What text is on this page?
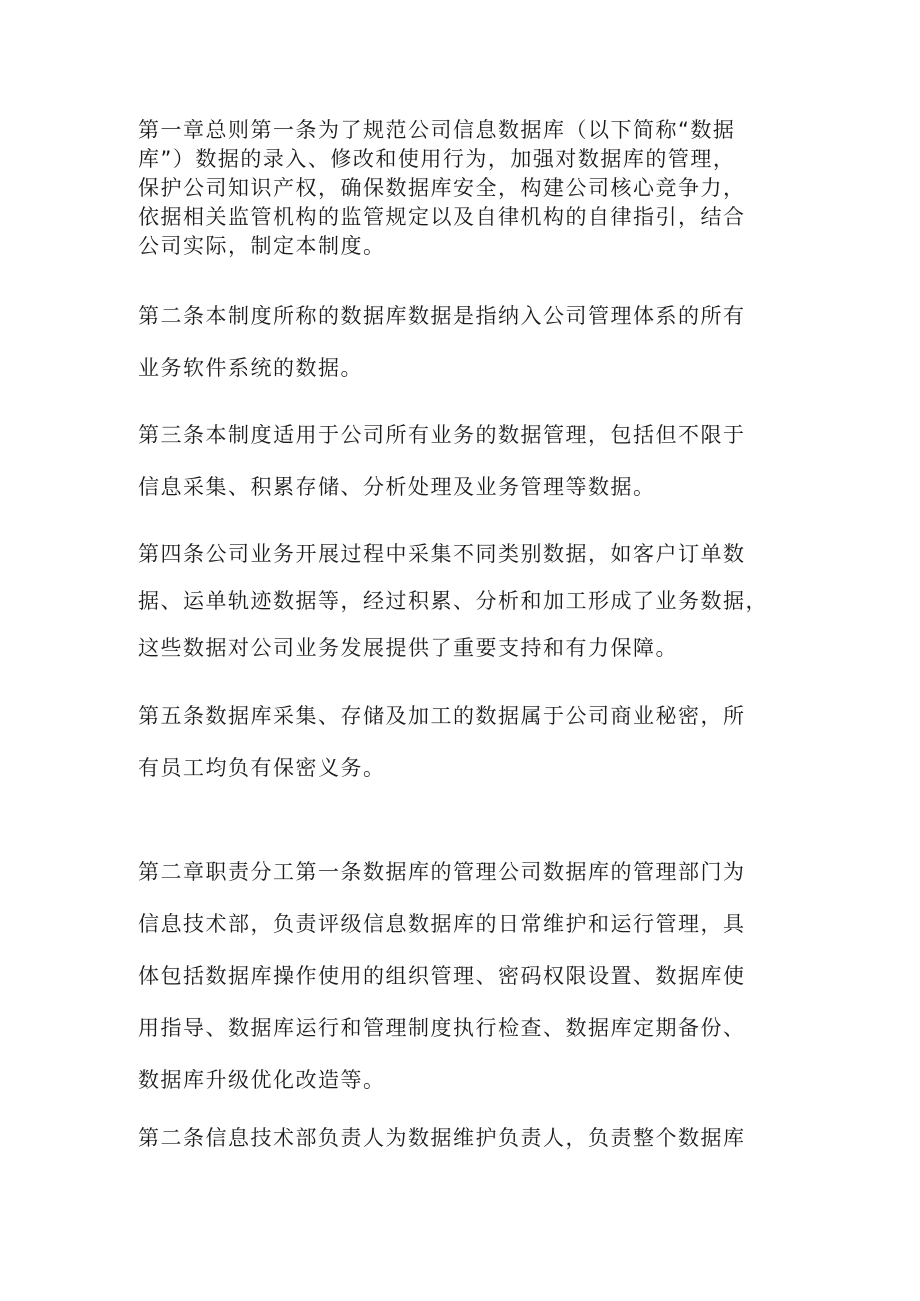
第一章总则第一条为了规范公司信息数据库（以下简称“数据

库”）数据的录入、修改和使用行为，加强对数据库的管理，

保护公司知识产权，确保数据库安全，构建公司核心竞争力，

依据相关监管机构的监管规定以及自律机构的自律指引，结合

公司实际，制定本制度。

第二条本制度所称的数据库数据是指纳入公司管理体系的所有

业务软件系统的数据。

第三条本制度适用于公司所有业务的数据管理，包括但不限于

信息采集、积累存储、分析处理及业务管理等数据。

第四条公司业务开展过程中采集不同类别数据，如客户订单数

据、运单轨迹数据等，经过积累、分析和加工形成了业务数据，

这些数据对公司业务发展提供了重要支持和有力保障。

第五条数据库采集、存储及加工的数据属于公司商业秘密，所

有员工均负有保密义务。

第二章职责分工第一条数据库的管理公司数据库的管理部门为

信息技术部，负责评级信息数据库的日常维护和运行管理，具

体包括数据库操作使用的组织管理、密码权限设置、数据库使

用指导、数据库运行和管理制度执行检查、数据库定期备份、

数据库升级优化改造等。

第二条信息技术部负责人为数据维护负责人，负责整个数据库
